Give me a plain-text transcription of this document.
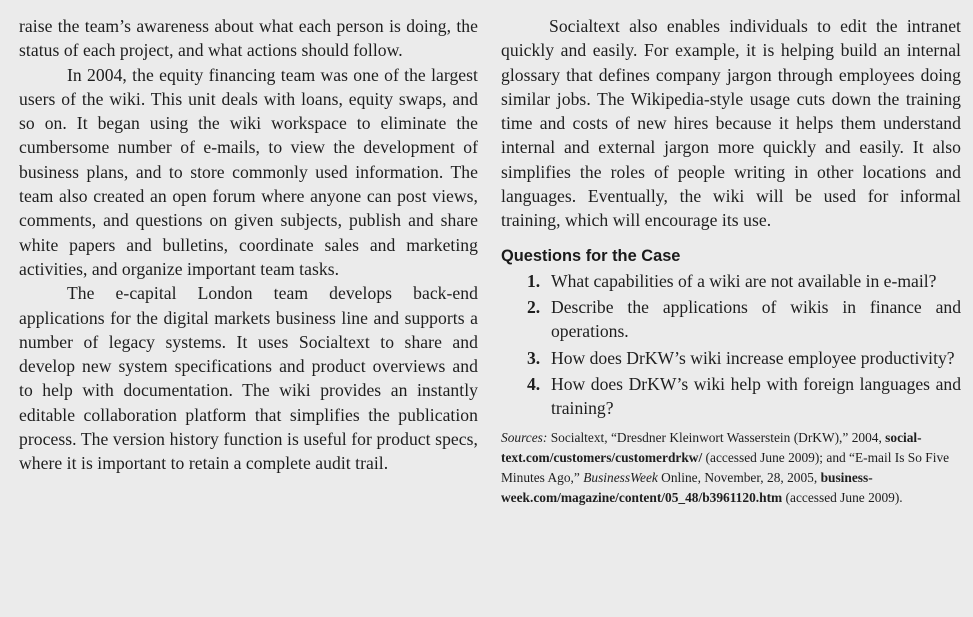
raise the team’s awareness about what each person is doing, the status of each project, and what actions should follow.

In 2004, the equity financing team was one of the largest users of the wiki. This unit deals with loans, equity swaps, and so on. It began using the wiki workspace to eliminate the cumbersome number of e-mails, to view the development of business plans, and to store commonly used information. The team also created an open forum where anyone can post views, comments, and questions on given subjects, publish and share white papers and bulletins, coordinate sales and marketing activities, and organize important team tasks.

The e-capital London team develops back-end applications for the digital markets business line and supports a number of legacy systems. It uses Socialtext to share and develop new system specifications and product overviews and to help with documentation. The wiki provides an instantly editable collaboration platform that simplifies the publication process. The version history function is useful for product specs, where it is important to retain a complete audit trail.

Socialtext also enables individuals to edit the intranet quickly and easily. For example, it is helping build an internal glossary that defines company jargon through employees doing similar jobs. The Wikipedia-style usage cuts down the training time and costs of new hires because it helps them understand internal and external jargon more quickly and easily. It also simplifies the roles of people writing in other locations and languages. Eventually, the wiki will be used for informal training, which will encourage its use.

Questions for the Case
1. What capabilities of a wiki are not available in e-mail?
2. Describe the applications of wikis in finance and operations.
3. How does DrKW’s wiki increase employee productivity?
4. How does DrKW’s wiki help with foreign languages and training?

Sources: Socialtext, “Dresdner Kleinwort Wasserstein (DrKW),” 2004, social-text.com/customers/customerdrkw/ (accessed June 2009); and “E-mail Is So Five Minutes Ago,” BusinessWeek Online, November, 28, 2005, business-week.com/magazine/content/05_48/b3961120.htm (accessed June 2009).
